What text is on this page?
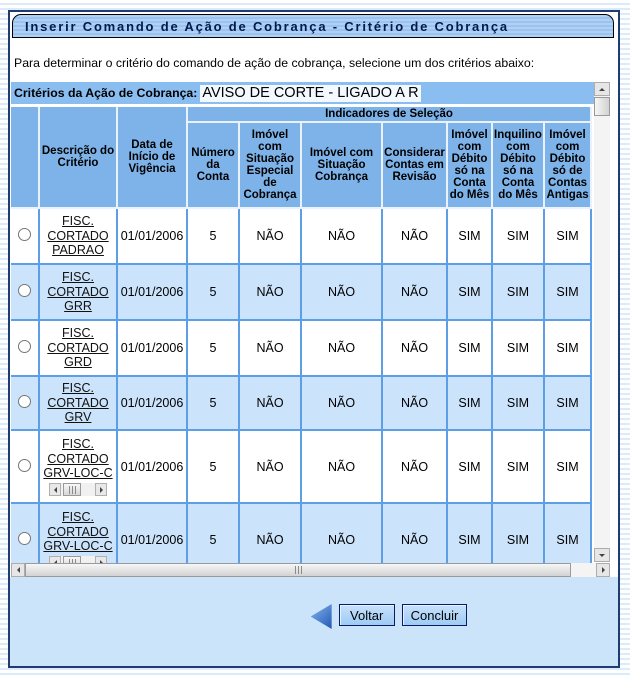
Inserir Comando de Ação de Cobrança - Critério de Cobrança
Para determinar o critério do comando de ação de cobrança, selecione um dos critérios abaixo:
Critérios da Ação de Cobrança: AVISO DE CORTE - LIGADO A R
	Descrição do Critério	Data de Início de Vigência	Indicadores de Seleção						
			Número da Conta	Imóvel com Situação Especial de Cobrança	Imóvel com Situação Cobrança	Considerar Contas em Revisão	Imóvel com Débito só na Conta do Mês	Inquilino com Débito só na Conta do Mês	Imóvel com Débito só de Contas Antigas

FISC. CORTADO PADRAO	01/01/2006	5	NÃO	NÃO	NÃO	SIM	SIM	SIM

FISC. CORTADO GRR	01/01/2006	5	NÃO	NÃO	NÃO	SIM	SIM	SIM

FISC. CORTADO GRD	01/01/2006	5	NÃO	NÃO	NÃO	SIM	SIM	SIM

FISC. CORTADO GRV	01/01/2006	5	NÃO	NÃO	NÃO	SIM	SIM	SIM

FISC. CORTADO GRV-LOC-C	01/01/2006	5	NÃO	NÃO	NÃO	SIM	SIM	SIM

FISC. CORTADO GRV-LOC-C	01/01/2006	5	NÃO	NÃO	NÃO	SIM	SIM	SIM
Voltar	Concluir
